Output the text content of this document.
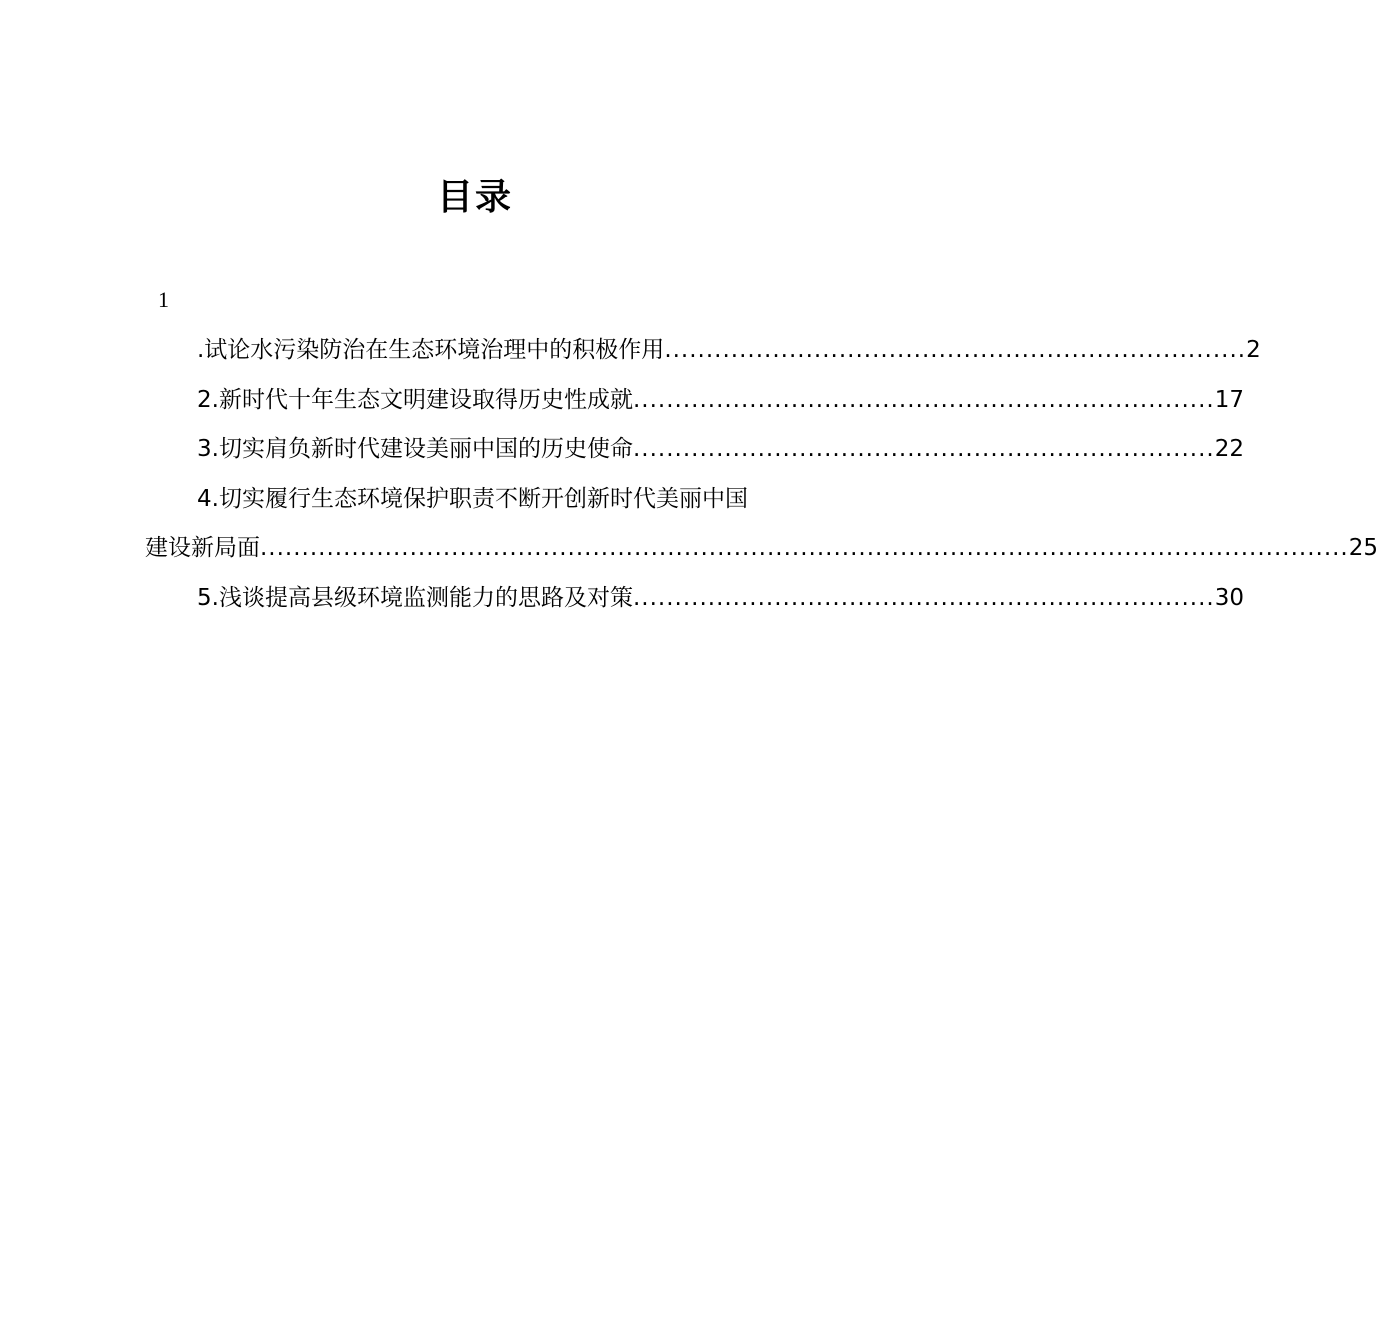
目录
1
.试论水污染防治在生态环境治理中的积极作用 ...................................................................... 2
2.新时代十年生态文明建设取得历史性成就 ...................................................................... 17
3.切实肩负新时代建设美丽中国的历史使命 ...................................................................... 22
4.切实履行生态环境保护职责不断开创新时代美丽中国
建设新局面 ................................................................................................................................... 25
5.浅谈提高县级环境监测能力的思路及对策 ...................................................................... 30
